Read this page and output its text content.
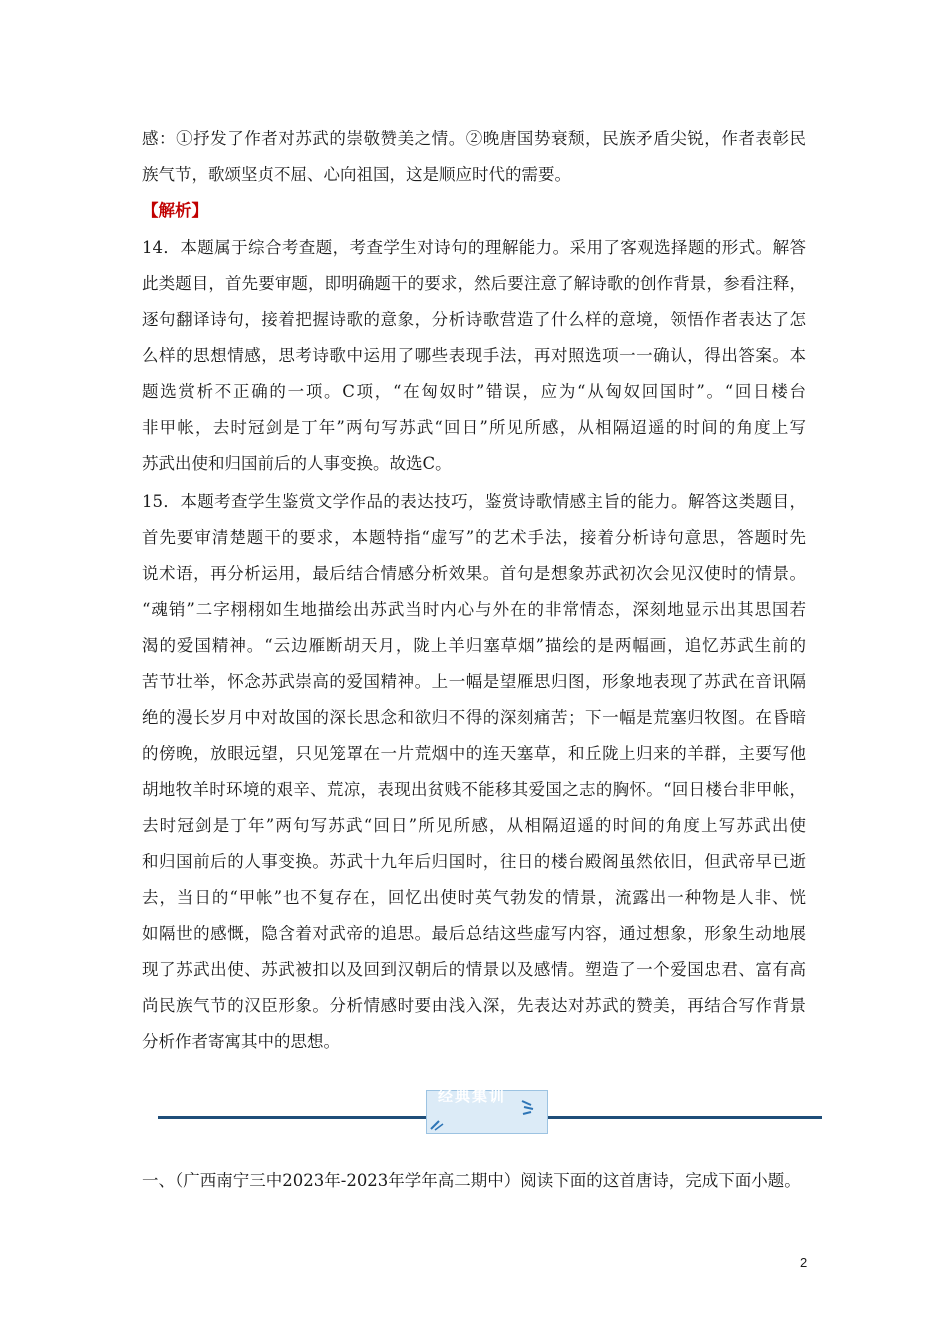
感：①抒发了作者对苏武的崇敬赞美之情。②晚唐国势衰颓，民族矛盾尖锐，作者表彰民
族气节，歌颂坚贞不屈、心向祖国，这是顺应时代的需要。
【解析】
14．本题属于综合考查题，考查学生对诗句的理解能力。采用了客观选择题的形式。解答
此类题目，首先要审题，即明确题干的要求，然后要注意了解诗歌的创作背景，参看注释，
逐句翻译诗句，接着把握诗歌的意象，分析诗歌营造了什么样的意境，领悟作者表达了怎
么样的思想情感，思考诗歌中运用了哪些表现手法，再对照选项一一确认，得出答案。本
题选赏析不正确的一项。C项，“在匈奴时”错误，应为“从匈奴回国时”。“回日楼台
非甲帐，去时冠剑是丁年”两句写苏武“回日”所见所感，从相隔迢遥的时间的角度上写
苏武出使和归国前后的人事变换。故选C。
15．本题考查学生鉴赏文学作品的表达技巧，鉴赏诗歌情感主旨的能力。解答这类题目，
首先要审清楚题干的要求，本题特指“虚写”的艺术手法，接着分析诗句意思，答题时先
说术语，再分析运用，最后结合情感分析效果。首句是想象苏武初次会见汉使时的情景。
“魂销”二字栩栩如生地描绘出苏武当时内心与外在的非常情态，深刻地显示出其思国若
渴的爱国精神。“云边雁断胡天月，陇上羊归塞草烟”描绘的是两幅画，追忆苏武生前的
苦节壮举，怀念苏武崇高的爱国精神。上一幅是望雁思归图，形象地表现了苏武在音讯隔
绝的漫长岁月中对故国的深长思念和欲归不得的深刻痛苦；下一幅是荒塞归牧图。在昏暗
的傍晚，放眼远望，只见笼罩在一片荒烟中的连天塞草，和丘陇上归来的羊群，主要写他
胡地牧羊时环境的艰辛、荒凉，表现出贫贱不能移其爱国之志的胸怀。“回日楼台非甲帐，
去时冠剑是丁年”两句写苏武“回日”所见所感，从相隔迢遥的时间的角度上写苏武出使
和归国前后的人事变换。苏武十九年后归国时，往日的楼台殿阁虽然依旧，但武帝早已逝
去，当日的“甲帐”也不复存在，回忆出使时英气勃发的情景，流露出一种物是人非、恍
如隔世的感慨，隐含着对武帝的追思。最后总结这些虚写内容，通过想象，形象生动地展
现了苏武出使、苏武被扣以及回到汉朝后的情景以及感情。塑造了一个爱国忠君、富有高
尚民族气节的汉臣形象。分析情感时要由浅入深，先表达对苏武的赞美，再结合写作背景
分析作者寄寓其中的思想。
经典集训
一、（广西南宁三中2023年-2023年学年高二期中）阅读下面的这首唐诗，完成下面小题。
2
